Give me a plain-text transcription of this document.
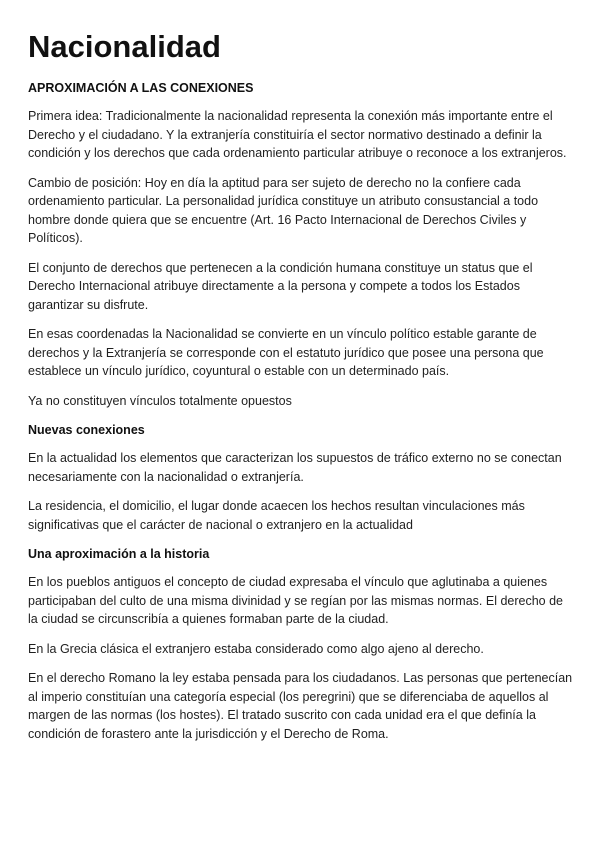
Nacionalidad
APROXIMACIÓN A LAS CONEXIONES

Primera idea: Tradicionalmente la nacionalidad representa la conexión más importante entre el Derecho y el ciudadano. Y la extranjería constituiría el sector normativo destinado a definir la condición y los derechos que cada ordenamiento particular atribuye o reconoce a los extranjeros.

Cambio de posición: Hoy en día la aptitud para ser sujeto de derecho no la confiere cada ordenamiento particular. La personalidad jurídica constituye un atributo consustancial a todo hombre donde quiera que se encuentre (Art. 16 Pacto Internacional de Derechos Civiles y Políticos).

El conjunto de derechos que pertenecen a la condición humana constituye un status que el Derecho Internacional atribuye directamente a la persona y compete a todos los Estados garantizar su disfrute.

En esas coordenadas la Nacionalidad se convierte en un vínculo político estable garante de derechos y la Extranjería se corresponde con el estatuto jurídico que posee una persona que establece un vínculo jurídico, coyuntural o estable con un determinado país.

Ya no constituyen vínculos totalmente opuestos

Nuevas conexiones

En la actualidad los elementos que caracterizan los supuestos de tráfico externo no se conectan necesariamente con la nacionalidad o extranjería.

La residencia, el domicilio, el lugar donde acaecen los hechos resultan vinculaciones más significativas que el carácter de nacional o extranjero en la actualidad

Una aproximación a la historia

En los pueblos antiguos el concepto de ciudad expresaba el vínculo que aglutinaba a quienes participaban del culto de una misma divinidad y se regían por las mismas normas. El derecho de la ciudad se circunscribía a quienes formaban parte de la ciudad.

En la Grecia clásica el extranjero estaba considerado como algo ajeno al derecho.

En el derecho Romano la ley estaba pensada para los ciudadanos. Las personas que pertenecían al imperio constituían una categoría especial (los peregrini) que se diferenciaba de aquellos al margen de las normas (los hostes). El tratado suscrito con cada unidad era el que definía la condición de forastero ante la jurisdicción y el Derecho de Roma.
